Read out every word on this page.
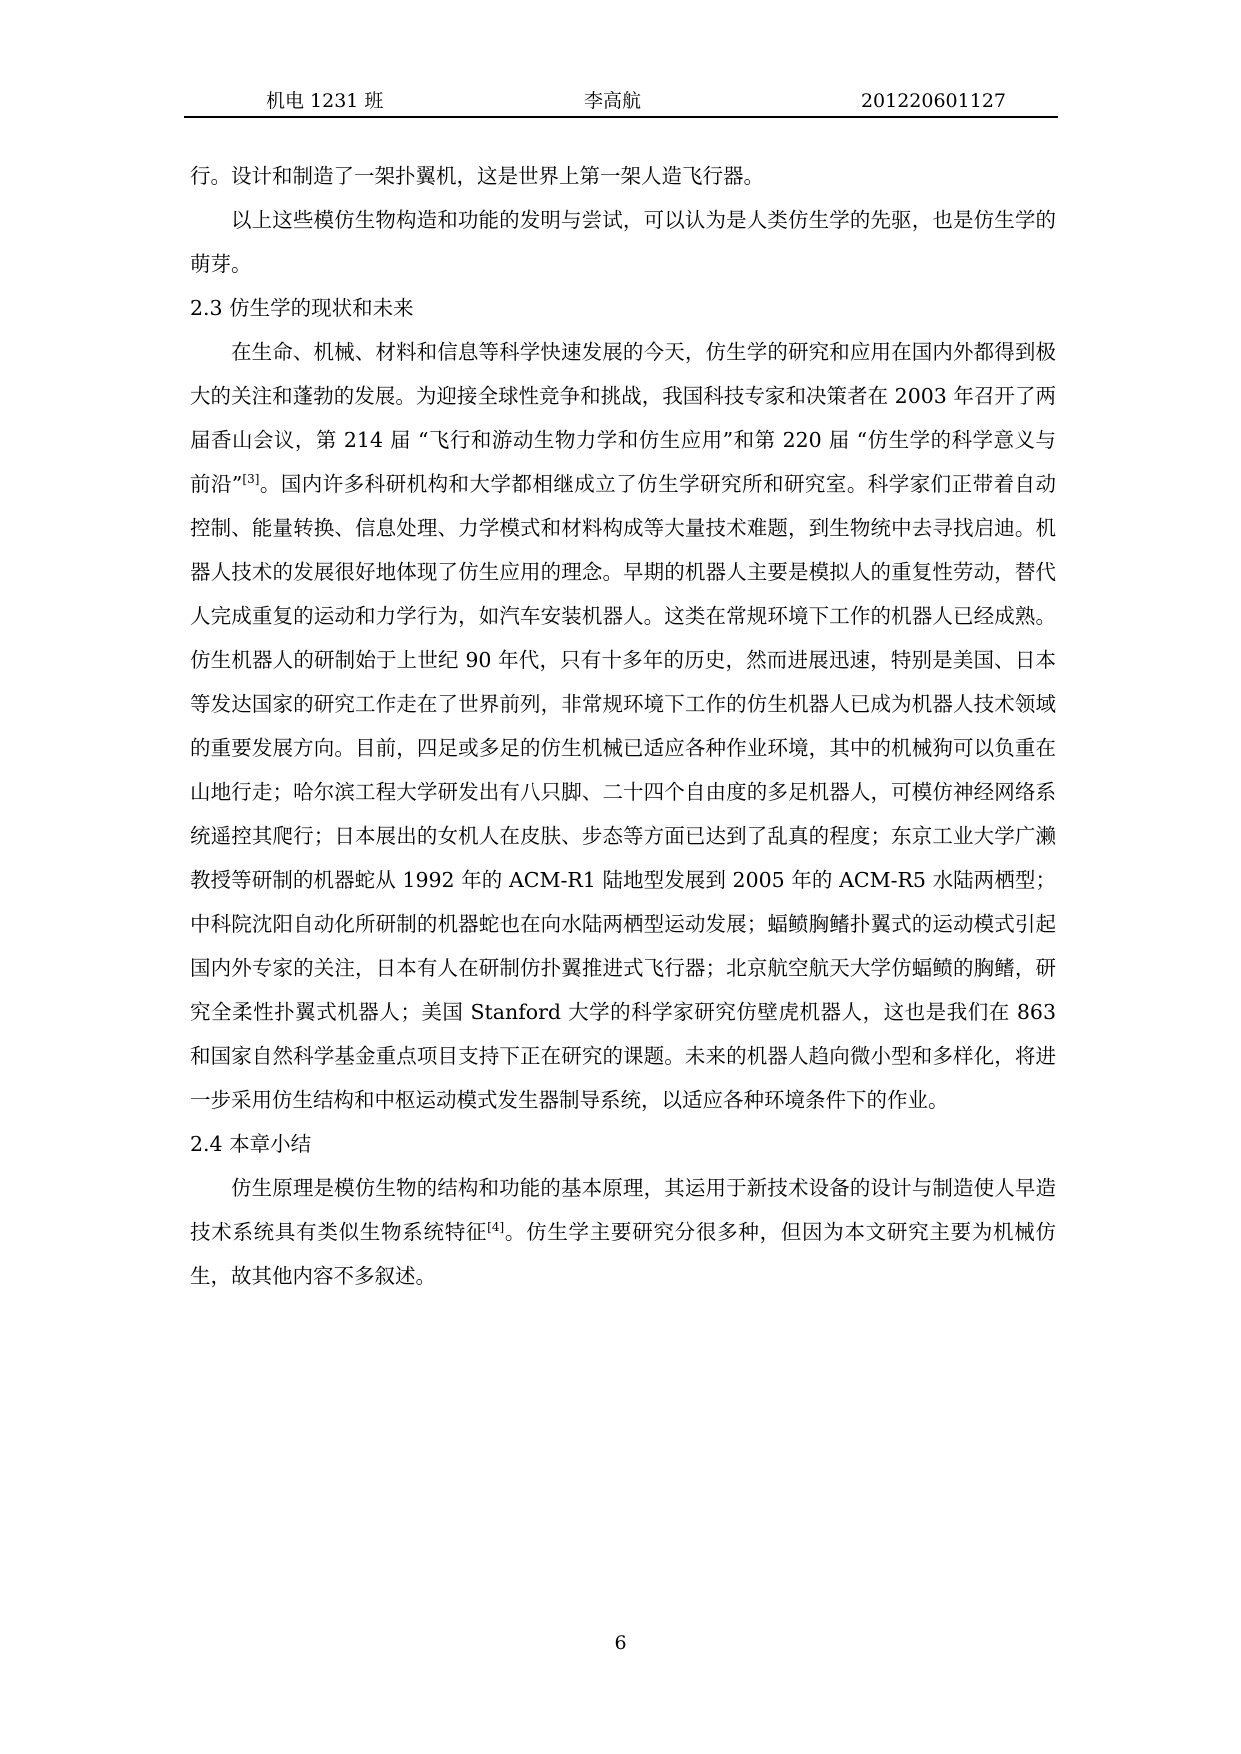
机电 1231 班	李高航	201220601127

行。设计和制造了一架扑翼机，这是世界上第一架人造飞行器。

以上这些模仿生物构造和功能的发明与尝试，可以认为是人类仿生学的先驱，也是仿生学的萌芽。

2.3 仿生学的现状和未来

在生命、机械、材料和信息等科学快速发展的今天，仿生学的研究和应用在国内外都得到极大的关注和蓬勃的发展。为迎接全球性竞争和挑战，我国科技专家和决策者在 2003 年召开了两届香山会议，第 214 届 “飞行和游动生物力学和仿生应用”和第 220 届 “仿生学的科学意义与前沿”[3]。国内许多科研机构和大学都相继成立了仿生学研究所和研究室。科学家们正带着自动控制、能量转换、信息处理、力学模式和材料构成等大量技术难题，到生物统中去寻找启迪。机器人技术的发展很好地体现了仿生应用的理念。早期的机器人主要是模拟人的重复性劳动，替代人完成重复的运动和力学行为，如汽车安装机器人。这类在常规环境下工作的机器人已经成熟。仿生机器人的研制始于上世纪 90 年代，只有十多年的历史，然而进展迅速，特别是美国、日本等发达国家的研究工作走在了世界前列，非常规环境下工作的仿生机器人已成为机器人技术领域的重要发展方向。目前，四足或多足的仿生机械已适应各种作业环境，其中的机械狗可以负重在山地行走；哈尔滨工程大学研发出有八只脚、二十四个自由度的多足机器人，可模仿神经网络系统遥控其爬行；日本展出的女机人在皮肤、步态等方面已达到了乱真的程度；东京工业大学广濑教授等研制的机器蛇从 1992 年的 ACM-R1 陆地型发展到 2005 年的 ACM-R5 水陆两栖型；中科院沈阳自动化所研制的机器蛇也在向水陆两栖型运动发展；蝠鲼胸鳍扑翼式的运动模式引起国内外专家的关注，日本有人在研制仿扑翼推进式飞行器；北京航空航天大学仿蝠鲼的胸鳍，研究全柔性扑翼式机器人；美国 Stanford 大学的科学家研究仿壁虎机器人，这也是我们在 863 和国家自然科学基金重点项目支持下正在研究的课题。未来的机器人趋向微小型和多样化，将进一步采用仿生结构和中枢运动模式发生器制导系统，以适应各种环境条件下的作业。

2.4 本章小结

仿生原理是模仿生物的结构和功能的基本原理，其运用于新技术设备的设计与制造使人早造技术系统具有类似生物系统特征[4]。仿生学主要研究分很多种，但因为本文研究主要为机械仿生，故其他内容不多叙述。

6
